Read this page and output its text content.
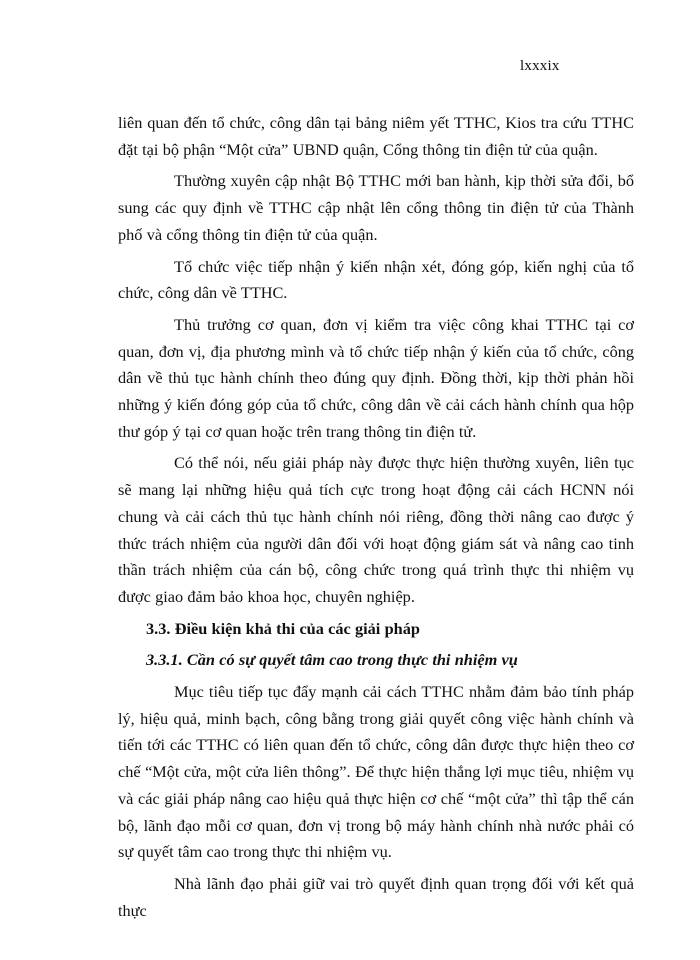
lxxxix

liên quan đến tổ chức, công dân tại bảng niêm yết TTHC, Kios tra cứu TTHC đặt tại bộ phận “Một cửa” UBND quận, Cổng thông tin điện tử của quận.

Thường xuyên cập nhật Bộ TTHC mới ban hành, kịp thời sửa đổi, bổ sung các quy định về TTHC cập nhật lên cổng thông tin điện tử của Thành phố và cổng thông tin điện tử của quận.

Tổ chức việc tiếp nhận ý kiến nhận xét, đóng góp, kiến nghị của tổ chức, công dân về TTHC.

Thủ trưởng cơ quan, đơn vị kiểm tra việc công khai TTHC tại cơ quan, đơn vị, địa phương mình và tổ chức tiếp nhận ý kiến của tổ chức, công dân về thủ tục hành chính theo đúng quy định. Đồng thời, kịp thời phản hồi những ý kiến đóng góp của tổ chức, công dân về cải cách hành chính qua hộp thư góp ý tại cơ quan hoặc trên trang thông tin điện tử.

Có thể nói, nếu giải pháp này được thực hiện thường xuyên, liên tục sẽ mang lại những hiệu quả tích cực trong hoạt động cải cách HCNN nói chung và cải cách thủ tục hành chính nói riêng, đồng thời nâng cao được ý thức trách nhiệm của người dân đối với hoạt động giám sát và nâng cao tinh thần trách nhiệm của cán bộ, công chức trong quá trình thực thi nhiệm vụ được giao đảm bảo khoa học, chuyên nghiệp.

3.3. Điều kiện khả thi của các giải pháp

3.3.1. Cần có sự quyết tâm cao trong thực thi nhiệm vụ

Mục tiêu tiếp tục đẩy mạnh cải cách TTHC nhằm đảm bảo tính pháp lý, hiệu quả, minh bạch, công bằng trong giải quyết công việc hành chính và tiến tới các TTHC có liên quan đến tổ chức, công dân được thực hiện theo cơ chế “Một cửa, một cửa liên thông”. Để thực hiện thắng lợi mục tiêu, nhiệm vụ và các giải pháp nâng cao hiệu quả thực hiện cơ chế “một cửa” thì tập thể cán bộ, lãnh đạo mỗi cơ quan, đơn vị trong bộ máy hành chính nhà nước phải có sự quyết tâm cao trong thực thi nhiệm vụ.

Nhà lãnh đạo phải giữ vai trò quyết định quan trọng đối với kết quả thực
